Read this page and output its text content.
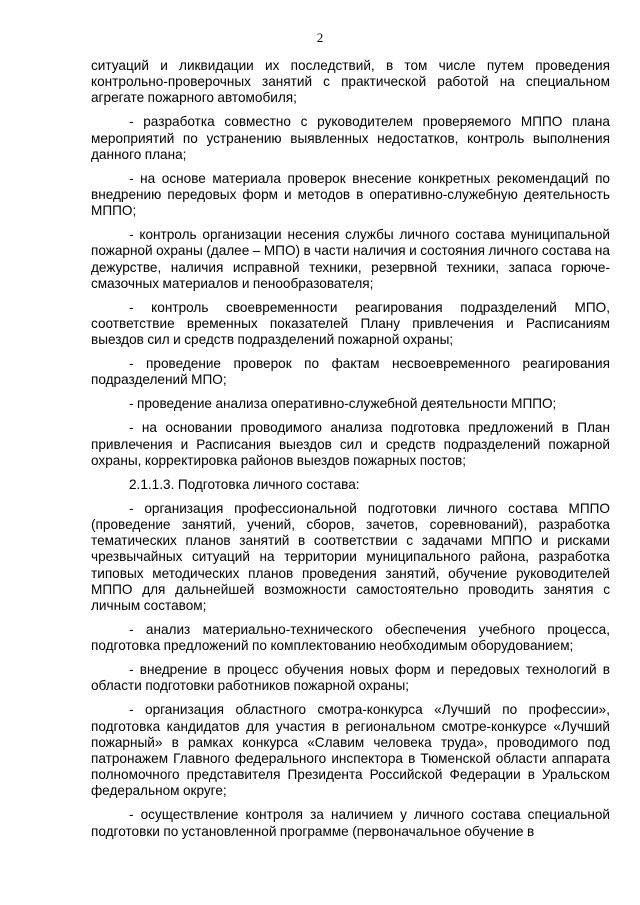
2

ситуаций и ликвидации их последствий, в том числе путем проведения контрольно-проверочных занятий с практической работой на специальном агрегате пожарного автомобиля;

- разработка совместно с руководителем проверяемого МППО плана мероприятий по устранению выявленных недостатков, контроль выполнения данного плана;

- на основе материала проверок внесение конкретных рекомендаций по внедрению передовых форм и методов в оперативно-служебную деятельность МППО;

- контроль организации несения службы личного состава муниципальной пожарной охраны (далее – МПО) в части наличия и состояния личного состава на дежурстве, наличия исправной техники, резервной техники, запаса горюче-смазочных материалов и пенообразователя;

- контроль своевременности реагирования подразделений МПО, соответствие временных показателей Плану привлечения и Расписаниям выездов сил и средств подразделений пожарной охраны;

- проведение проверок по фактам несвоевременного реагирования подразделений МПО;

- проведение анализа оперативно-служебной деятельности МППО;

- на основании проводимого анализа подготовка предложений в План привлечения и Расписания выездов сил и средств подразделений пожарной охраны, корректировка районов выездов пожарных постов;

2.1.1.3. Подготовка личного состава:

- организация профессиональной подготовки личного состава МППО (проведение занятий, учений, сборов, зачетов, соревнований), разработка тематических планов занятий в соответствии с задачами МППО и рисками чрезвычайных ситуаций на территории муниципального района, разработка типовых методических планов проведения занятий, обучение руководителей МППО для дальнейшей возможности самостоятельно проводить занятия с личным составом;

- анализ материально-технического обеспечения учебного процесса, подготовка предложений по комплектованию необходимым оборудованием;

- внедрение в процесс обучения новых форм и передовых технологий в области подготовки работников пожарной охраны;

- организация областного смотра-конкурса «Лучший по профессии», подготовка кандидатов для участия в региональном смотре-конкурсе «Лучший пожарный» в рамках конкурса «Славим человека труда», проводимого под патронажем Главного федерального инспектора в Тюменской области аппарата полномочного представителя Президента Российской Федерации в Уральском федеральном округе;

- осуществление контроля за наличием у личного состава специальной подготовки по установленной программе (первоначальное обучение в
